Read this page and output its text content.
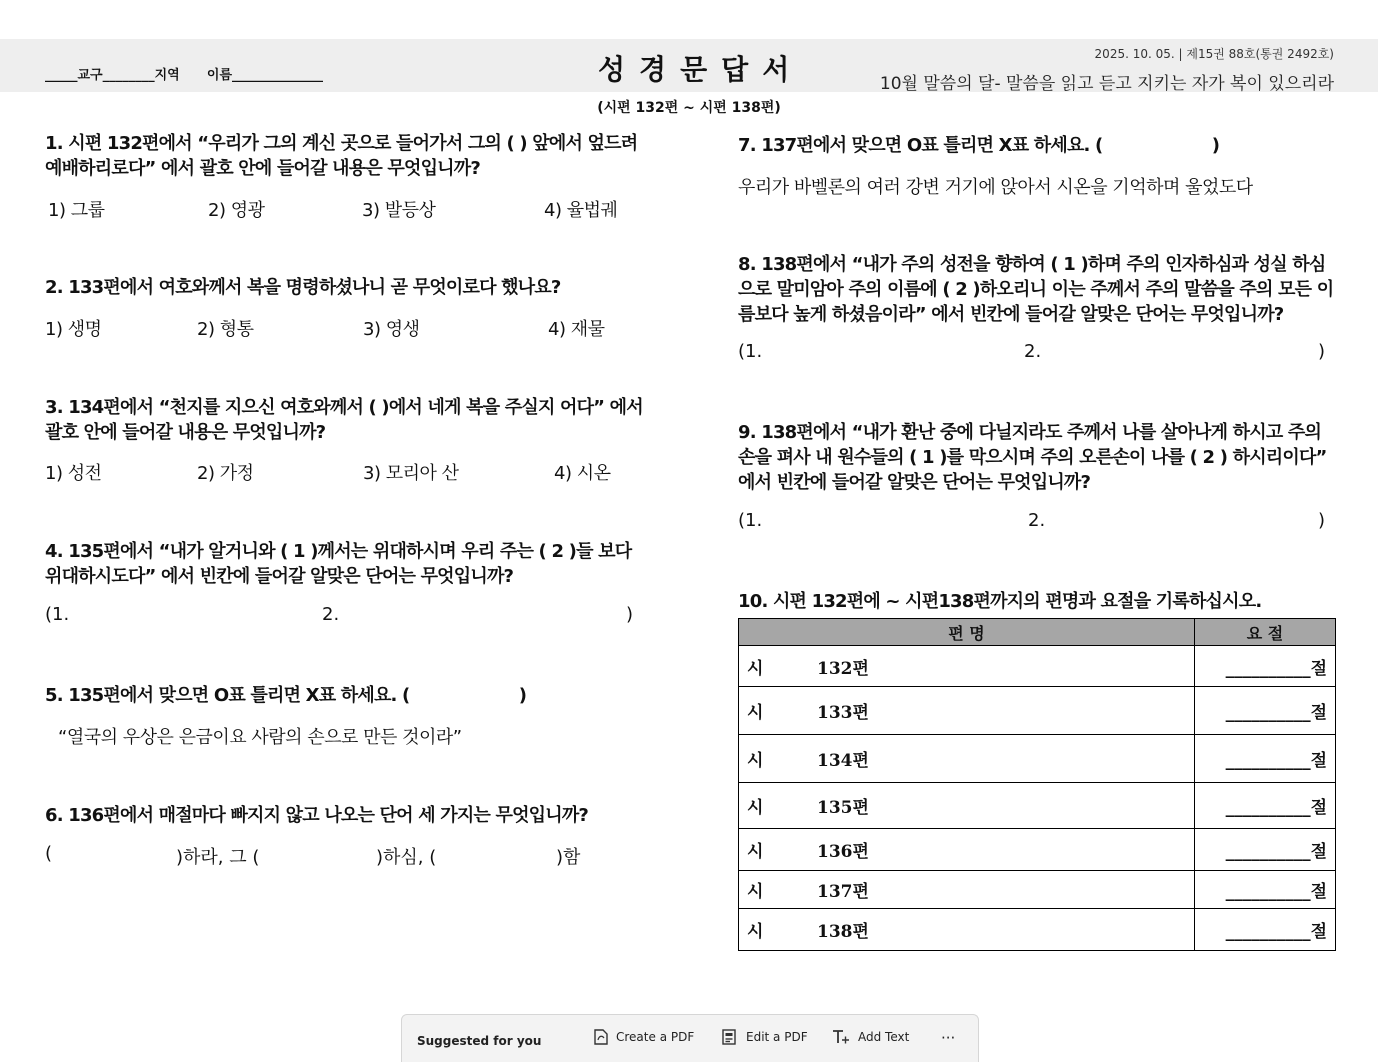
_____교구________지역      이름______________	성경문답서	2025. 10. 05. | 제15권 88호(통권 2492호)
10월 말씀의 달- 말씀을 읽고 듣고 지키는 자가 복이 있으리라
(시편 132편 ~ 시편 138편)
1. 시편 132편에서 “우리가 그의 계신 곳으로 들어가서 그의 ( ) 앞에서 엎드려 예배하리로다” 에서 괄호 안에 들어갈 내용은 무엇입니까?
1) 그룹	2) 영광	3) 발등상	4) 율법궤
2. 133편에서 여호와께서 복을 명령하셨나니 곧 무엇이로다 했나요?
1) 생명	2) 형통	3) 영생	4) 재물
3. 134편에서 “천지를 지으신 여호와께서 ( )에서 네게 복을 주실지 어다” 에서 괄호 안에 들어갈 내용은 무엇입니까?
1) 성전	2) 가정	3) 모리아 산	4) 시온
4. 135편에서 “내가 알거니와 ( 1 )께서는 위대하시며 우리 주는 ( 2 )들 보다 위대하시도다” 에서 빈칸에 들어갈 알맞은 단어는 무엇입니까?
(1.	2.	)
5. 135편에서 맞으면 O표 틀리면 X표 하세요. (                    )
“열국의 우상은 은금이요 사람의 손으로 만든 것이라”
6. 136편에서 매절마다 빠지지 않고 나오는 단어 세 가지는 무엇입니까?
(	)하라, 그 (	)하심, (	)함
7. 137편에서 맞으면 O표 틀리면 X표 하세요. (                    )
우리가 바벨론의 여러 강변 거기에 앉아서 시온을 기억하며 울었도다
8. 138편에서 “내가 주의 성전을 향하여 ( 1 )하며 주의 인자하심과 성실 하심으로 말미암아 주의 이름에 ( 2 )하오리니 이는 주께서 주의 말씀을 주의 모든 이름보다 높게 하셨음이라” 에서 빈칸에 들어갈 알맞은 단어는 무엇입니까?
(1.	2.	)
9. 138편에서 “내가 환난 중에 다닐지라도 주께서 나를 살아나게 하시고 주의 손을 펴사 내 원수들의 ( 1 )를 막으시며 주의 오른손이 나를 ( 2 ) 하시리이다” 에서 빈칸에 들어갈 알맞은 단어는 무엇입니까?
(1.	2.	)
10. 시편 132편에 ~ 시편138편까지의 편명과 요절을 기록하십시오.
편 명	요 절
시 132편	__________절
시 133편	__________절
시 134편	__________절
시 135편	__________절
시 136편	__________절
시 137편	__________절
시 138편	__________절
Suggested for you	Create a PDF	Edit a PDF	Add Text ···
